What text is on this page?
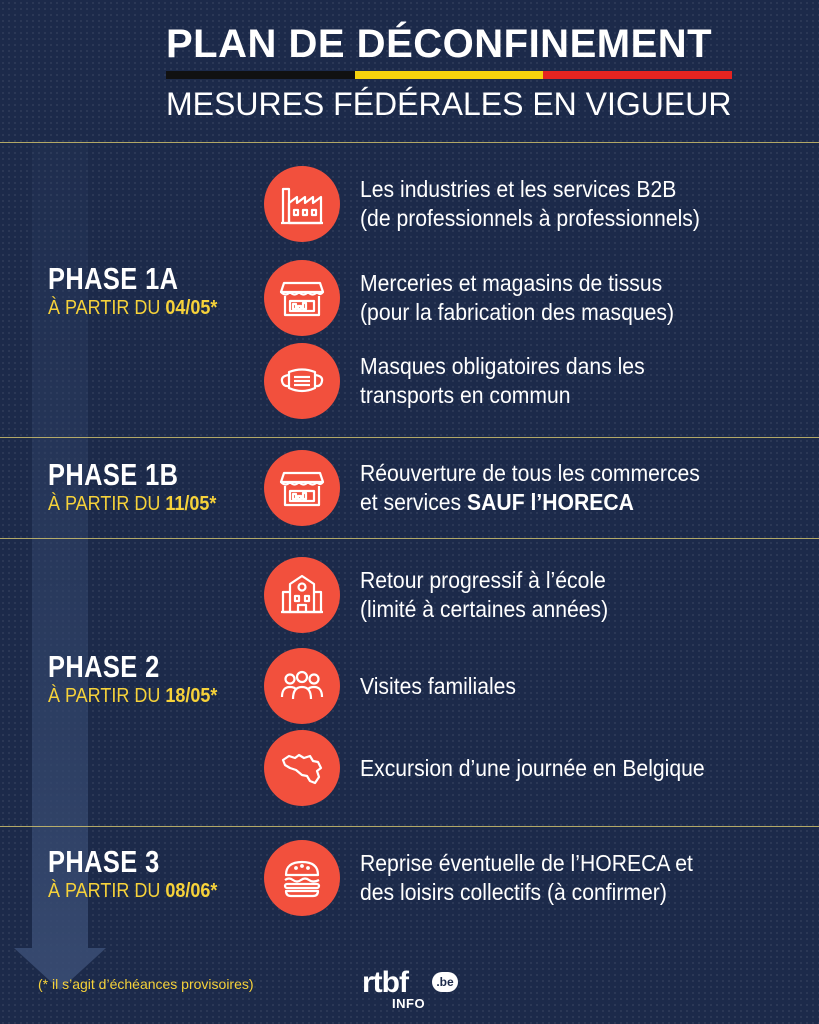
PLAN DE DÉCONFINEMENT
MESURES FÉDÉRALES EN VIGUEUR
PHASE 1A
À PARTIR DU 04/05*
Les industries et les services B2B
(de professionnels à professionnels)
Merceries et magasins de tissus
(pour la fabrication des masques)
Masques obligatoires dans les
transports en commun
PHASE 1B
À PARTIR DU 11/05*
Réouverture de tous les commerces
et services SAUF l’HORECA
PHASE 2
À PARTIR DU 18/05*
Retour progressif à l’école
(limité à certaines années)
Visites familiales
Excursion d’une journée en Belgique
PHASE 3
À PARTIR DU 08/06*
Reprise éventuelle de l’HORECA et
des loisirs collectifs (à confirmer)

(* il s’agit d’échéances provisoires)	rtbf	.be
INFO
